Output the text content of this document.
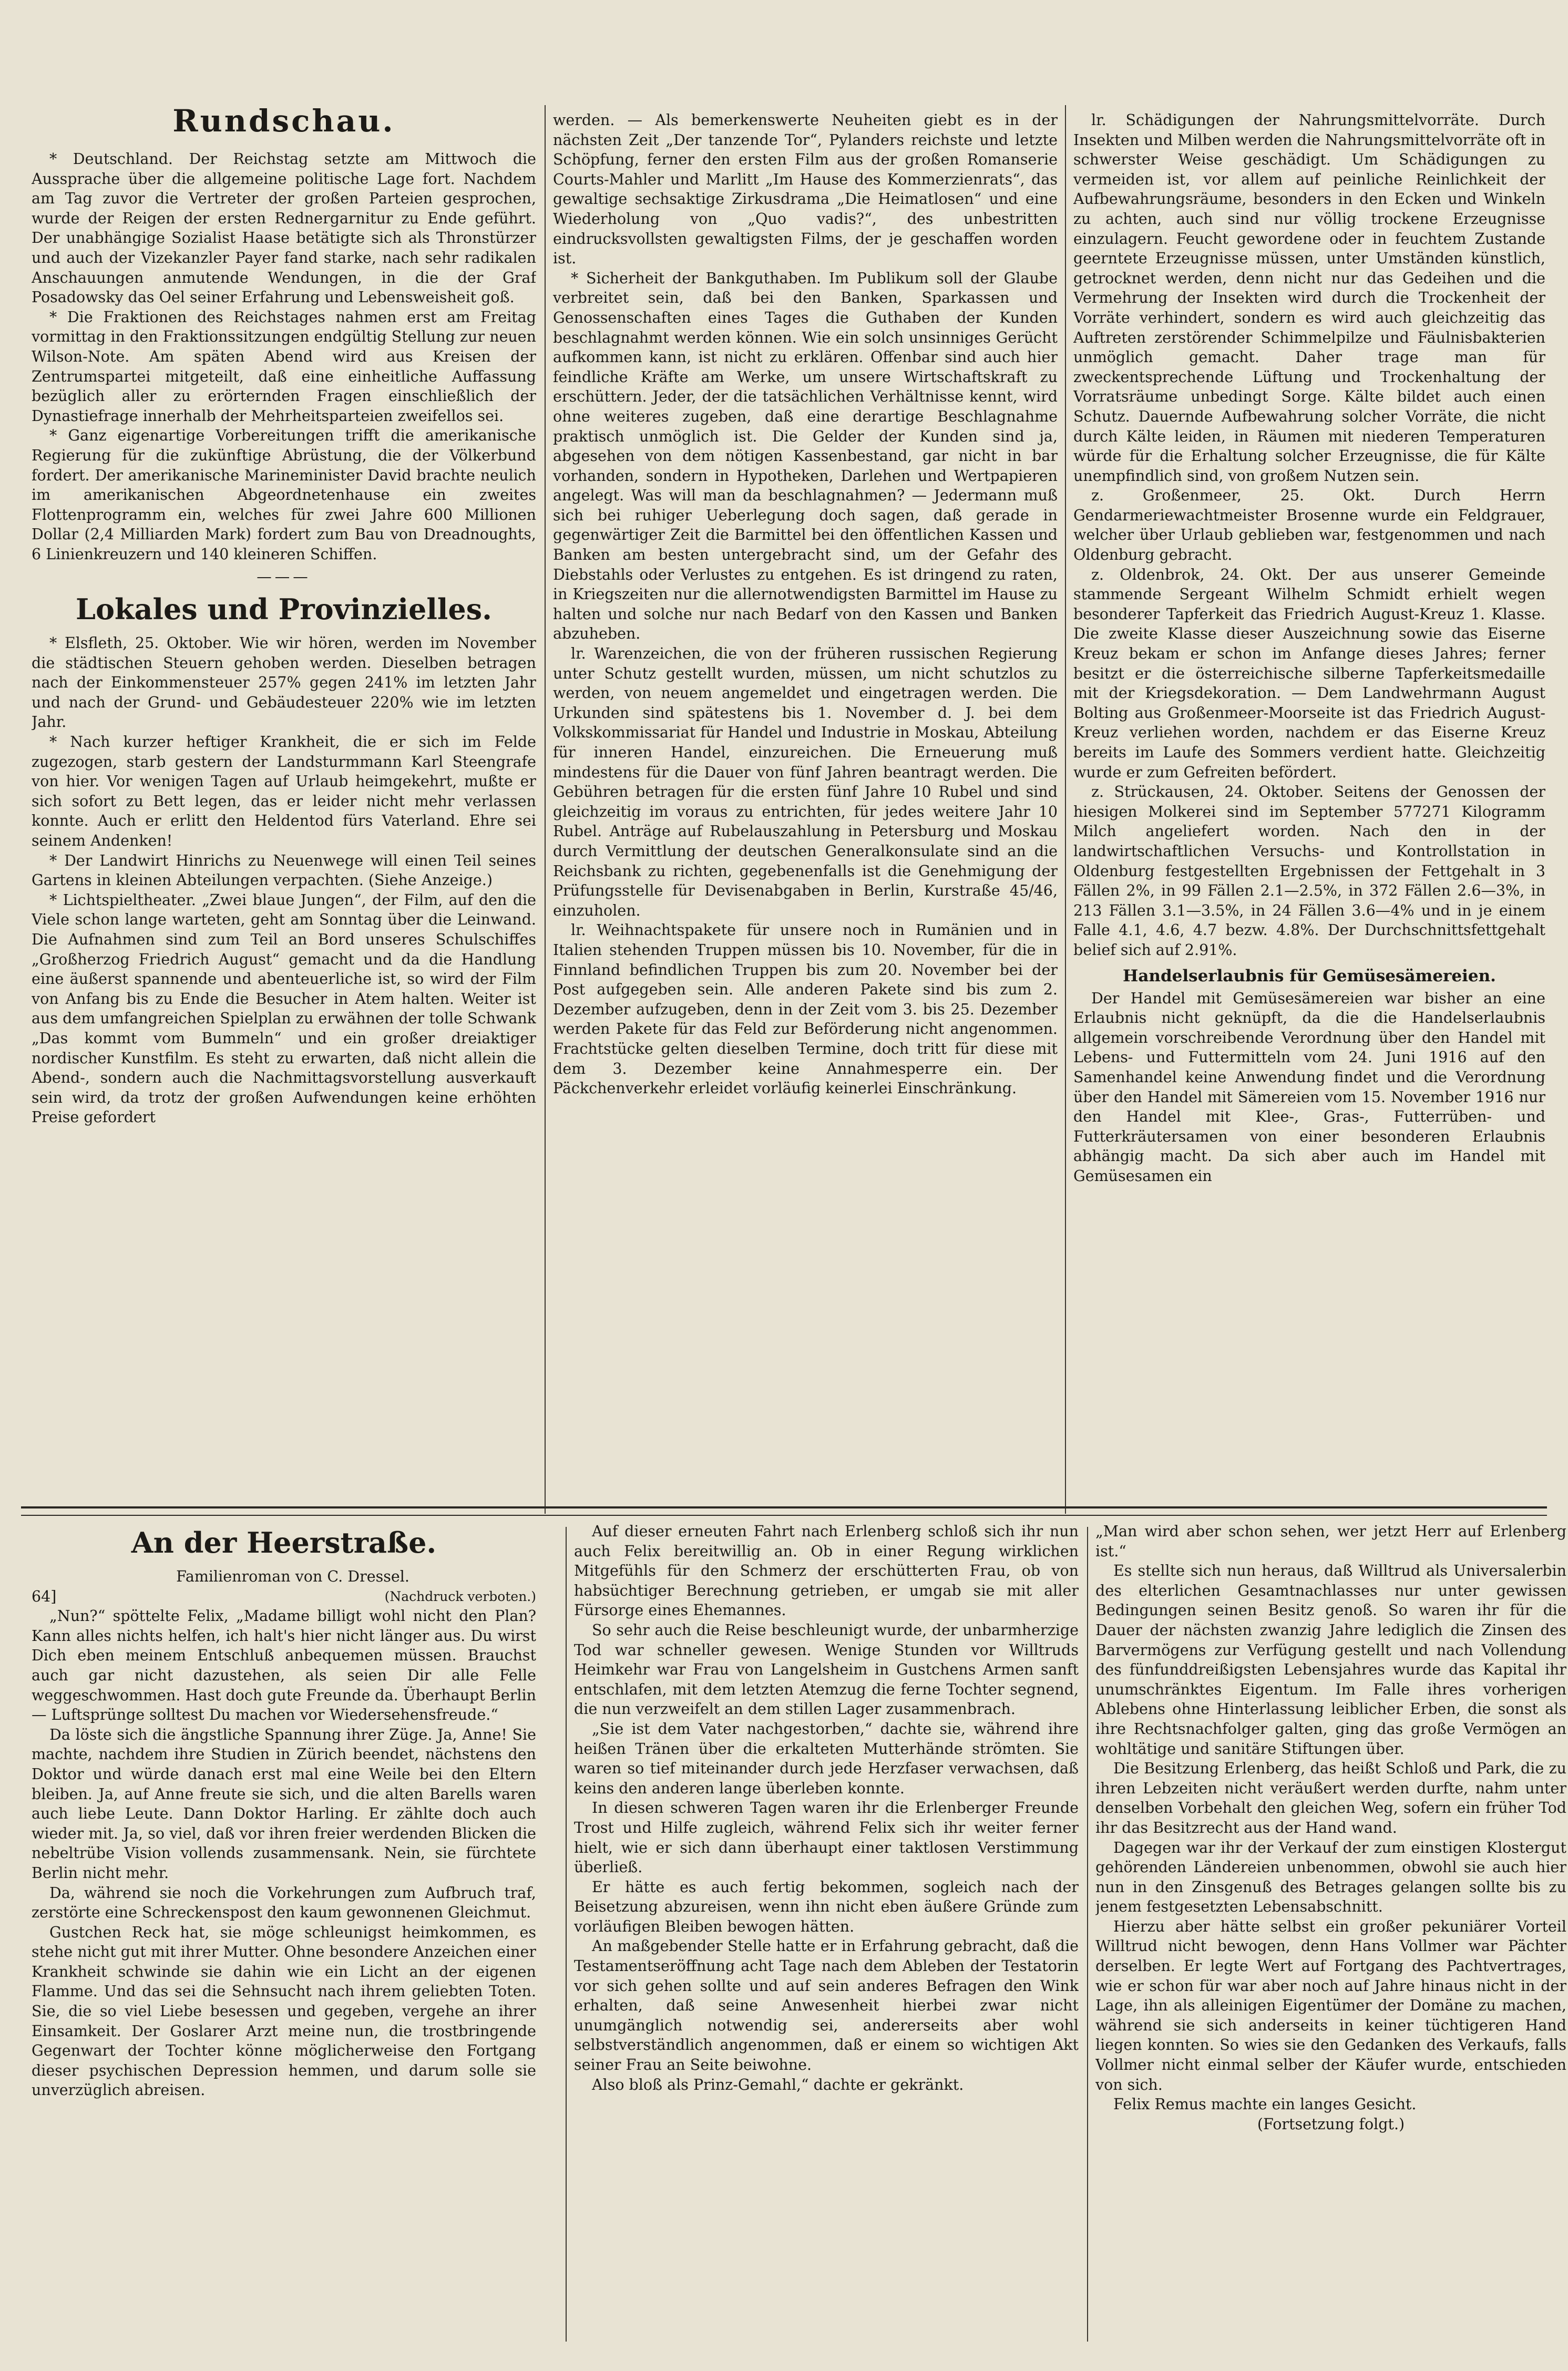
Rundschau.

* Deutschland. Der Reichstag setzte am Mittwoch die Aussprache über die allgemeine politische Lage fort. Nachdem am Tag zuvor die Vertreter der großen Parteien gesprochen, wurde der Reigen der ersten Rednergarnitur zu Ende geführt. Der unabhängige Sozialist Haase betätigte sich als Thronstürzer und auch der Vizekanzler Payer fand starke, nach sehr radikalen Anschauungen anmutende Wendungen, in die der Graf Posadowsky das Oel seiner Erfahrung und Lebensweisheit goß.

* Die Fraktionen des Reichstages nahmen erst am Freitag vormittag in den Fraktionssitzungen endgültig Stellung zur neuen Wilson-Note. Am späten Abend wird aus Kreisen der Zentrumspartei mitgeteilt, daß eine einheitliche Auffassung bezüglich aller zu erörternden Fragen einschließlich der Dynastiefrage innerhalb der Mehrheitsparteien zweifellos sei.

* Ganz eigenartige Vorbereitungen trifft die amerikanische Regierung für die zukünftige Abrüstung, die der Völkerbund fordert. Der amerikanische Marineminister David brachte neulich im amerikanischen Abgeordnetenhause ein zweites Flottenprogramm ein, welches für zwei Jahre 600 Millionen Dollar (2,4 Milliarden Mark) fordert zum Bau von Dreadnoughts, 6 Linienkreuzern und 140 kleineren Schiffen.

———
Lokales und Provinzielles.

* Elsfleth, 25. Oktober. Wie wir hören, werden im November die städtischen Steuern gehoben werden. Dieselben betragen nach der Einkommensteuer 257% gegen 241% im letzten Jahr und nach der Grund- und Gebäudesteuer 220% wie im letzten Jahr.

* Nach kurzer heftiger Krankheit, die er sich im Felde zugezogen, starb gestern der Landsturmmann Karl Steengrafe von hier. Vor wenigen Tagen auf Urlaub heimgekehrt, mußte er sich sofort zu Bett legen, das er leider nicht mehr verlassen konnte. Auch er erlitt den Heldentod fürs Vaterland. Ehre sei seinem Andenken!

* Der Landwirt Hinrichs zu Neuenwege will einen Teil seines Gartens in kleinen Abteilungen verpachten. (Siehe Anzeige.)

* Lichtspieltheater. „Zwei blaue Jungen“, der Film, auf den die Viele schon lange warteten, geht am Sonntag über die Leinwand. Die Aufnahmen sind zum Teil an Bord unseres Schulschiffes „Großherzog Friedrich August“ gemacht und da die Handlung eine äußerst spannende und abenteuerliche ist, so wird der Film von Anfang bis zu Ende die Besucher in Atem halten. Weiter ist aus dem umfangreichen Spielplan zu erwähnen der tolle Schwank „Das kommt vom Bummeln“ und ein großer dreiaktiger nordischer Kunstfilm. Es steht zu erwarten, daß nicht allein die Abend-, sondern auch die Nachmittagsvorstellung ausverkauft sein wird, da trotz der großen Aufwendungen keine erhöhten Preise gefordert

werden. — Als bemerkenswerte Neuheiten giebt es in der nächsten Zeit „Der tanzende Tor“, Pylanders reichste und letzte Schöpfung, ferner den ersten Film aus der großen Romanserie Courts-Mahler und Marlitt „Im Hause des Kommerzienrats“, das gewaltige sechsaktige Zirkusdrama „Die Heimatlosen“ und eine Wiederholung von „Quo vadis?“, des unbestritten eindrucksvollsten gewaltigsten Films, der je geschaffen worden ist.

* Sicherheit der Bankguthaben. Im Publikum soll der Glaube verbreitet sein, daß bei den Banken, Sparkassen und Genossenschaften eines Tages die Guthaben der Kunden beschlagnahmt werden können. Wie ein solch unsinniges Gerücht aufkommen kann, ist nicht zu erklären. Offenbar sind auch hier feindliche Kräfte am Werke, um unsere Wirtschaftskraft zu erschüttern. Jeder, der die tatsächlichen Verhältnisse kennt, wird ohne weiteres zugeben, daß eine derartige Beschlagnahme praktisch unmöglich ist. Die Gelder der Kunden sind ja, abgesehen von dem nötigen Kassenbestand, gar nicht in bar vorhanden, sondern in Hypotheken, Darlehen und Wertpapieren angelegt. Was will man da beschlagnahmen? — Jedermann muß sich bei ruhiger Ueberlegung doch sagen, daß gerade in gegenwärtiger Zeit die Barmittel bei den öffentlichen Kassen und Banken am besten untergebracht sind, um der Gefahr des Diebstahls oder Verlustes zu entgehen. Es ist dringend zu raten, in Kriegszeiten nur die allernotwendigsten Barmittel im Hause zu halten und solche nur nach Bedarf von den Kassen und Banken abzuheben.

lr. Warenzeichen, die von der früheren russischen Regierung unter Schutz gestellt wurden, müssen, um nicht schutzlos zu werden, von neuem angemeldet und eingetragen werden. Die Urkunden sind spätestens bis 1. November d. J. bei dem Volkskommissariat für Handel und Industrie in Moskau, Abteilung für inneren Handel, einzureichen. Die Erneuerung muß mindestens für die Dauer von fünf Jahren beantragt werden. Die Gebühren betragen für die ersten fünf Jahre 10 Rubel und sind gleichzeitig im voraus zu entrichten, für jedes weitere Jahr 10 Rubel. Anträge auf Rubelauszahlung in Petersburg und Moskau durch Vermittlung der deutschen Generalkonsulate sind an die Reichsbank zu richten, gegebenenfalls ist die Genehmigung der Prüfungsstelle für Devisenabgaben in Berlin, Kurstraße 45/46, einzuholen.

lr. Weihnachtspakete für unsere noch in Rumänien und in Italien stehenden Truppen müssen bis 10. November, für die in Finnland befindlichen Truppen bis zum 20. November bei der Post aufgegeben sein. Alle anderen Pakete sind bis zum 2. Dezember aufzugeben, denn in der Zeit vom 3. bis 25. Dezember werden Pakete für das Feld zur Beförderung nicht angenommen. Frachtstücke gelten dieselben Termine, doch tritt für diese mit dem 3. Dezember keine Annahmesperre ein. Der Päckchenverkehr erleidet vorläufig keinerlei Einschränkung.

lr. Schädigungen der Nahrungsmittelvorräte. Durch Insekten und Milben werden die Nahrungsmittelvorräte oft in schwerster Weise geschädigt. Um Schädigungen zu vermeiden ist, vor allem auf peinliche Reinlichkeit der Aufbewahrungsräume, besonders in den Ecken und Winkeln zu achten, auch sind nur völlig trockene Erzeugnisse einzulagern. Feucht gewordene oder in feuchtem Zustande geerntete Erzeugnisse müssen, unter Umständen künstlich, getrocknet werden, denn nicht nur das Gedeihen und die Vermehrung der Insekten wird durch die Trockenheit der Vorräte verhindert, sondern es wird auch gleichzeitig das Auftreten zerstörender Schimmelpilze und Fäulnisbakterien unmöglich gemacht. Daher trage man für zweckentsprechende Lüftung und Trockenhaltung der Vorratsräume unbedingt Sorge. Kälte bildet auch einen Schutz. Dauernde Aufbewahrung solcher Vorräte, die nicht durch Kälte leiden, in Räumen mit niederen Temperaturen würde für die Erhaltung solcher Erzeugnisse, die für Kälte unempfindlich sind, von großem Nutzen sein.

z. Großenmeer, 25. Okt. Durch Herrn Gendarmeriewachtmeister Brosenne wurde ein Feldgrauer, welcher über Urlaub geblieben war, festgenommen und nach Oldenburg gebracht.

z. Oldenbrok, 24. Okt. Der aus unserer Gemeinde stammende Sergeant Wilhelm Schmidt erhielt wegen besonderer Tapferkeit das Friedrich August-Kreuz 1. Klasse. Die zweite Klasse dieser Auszeichnung sowie das Eiserne Kreuz bekam er schon im Anfange dieses Jahres; ferner besitzt er die österreichische silberne Tapferkeitsmedaille mit der Kriegsdekoration. — Dem Landwehrmann August Bolting aus Großenmeer-Moorseite ist das Friedrich August-Kreuz verliehen worden, nachdem er das Eiserne Kreuz bereits im Laufe des Sommers verdient hatte. Gleichzeitig wurde er zum Gefreiten befördert.

z. Strückausen, 24. Oktober. Seitens der Genossen der hiesigen Molkerei sind im September 577271 Kilogramm Milch angeliefert worden. Nach den in der landwirtschaftlichen Versuchs- und Kontrollstation in Oldenburg festgestellten Ergebnissen der Fettgehalt in 3 Fällen 2%, in 99 Fällen 2.1—2.5%, in 372 Fällen 2.6—3%, in 213 Fällen 3.1—3.5%, in 24 Fällen 3.6—4% und in je einem Falle 4.1, 4.6, 4.7 bezw. 4.8%. Der Durchschnittsfettgehalt belief sich auf 2.91%.

Handelserlaubnis für Gemüsesämereien.

Der Handel mit Gemüsesämereien war bisher an eine Erlaubnis nicht geknüpft, da die die Handelserlaubnis allgemein vorschreibende Verordnung über den Handel mit Lebens- und Futtermitteln vom 24. Juni 1916 auf den Samenhandel keine Anwendung findet und die Verordnung über den Handel mit Sämereien vom 15. November 1916 nur den Handel mit Klee-, Gras-, Futterrüben- und Futterkräutersamen von einer besonderen Erlaubnis abhängig macht. Da sich aber auch im Handel mit Gemüsesamen ein

An der Heerstraße.

Familienroman von C. Dressel.

64]	(Nachdruck verboten.)

„Nun?“ spöttelte Felix, „Madame billigt wohl nicht den Plan? Kann alles nichts helfen, ich halt's hier nicht länger aus. Du wirst Dich eben meinem Entschluß anbequemen müssen. Brauchst auch gar nicht dazustehen, als seien Dir alle Felle weggeschwommen. Hast doch gute Freunde da. Überhaupt Berlin — Luftsprünge solltest Du machen vor Wiedersehensfreude.“

Da löste sich die ängstliche Spannung ihrer Züge. Ja, Anne! Sie machte, nachdem ihre Studien in Zürich beendet, nächstens den Doktor und würde danach erst mal eine Weile bei den Eltern bleiben. Ja, auf Anne freute sie sich, und die alten Barells waren auch liebe Leute. Dann Doktor Harling. Er zählte doch auch wieder mit. Ja, so viel, daß vor ihren freier werdenden Blicken die nebeltrübe Vision vollends zusammensank. Nein, sie fürchtete Berlin nicht mehr.

Da, während sie noch die Vorkehrungen zum Aufbruch traf, zerstörte eine Schreckenspost den kaum gewonnenen Gleichmut.

Gustchen Reck hat, sie möge schleunigst heimkommen, es stehe nicht gut mit ihrer Mutter. Ohne besondere Anzeichen einer Krankheit schwinde sie dahin wie ein Licht an der eigenen Flamme. Und das sei die Sehnsucht nach ihrem geliebten Toten. Sie, die so viel Liebe besessen und gegeben, vergehe an ihrer Einsamkeit. Der Goslarer Arzt meine nun, die trostbringende Gegenwart der Tochter könne möglicherweise den Fortgang dieser psychischen Depression hemmen, und darum solle sie unverzüglich abreisen.

Auf dieser erneuten Fahrt nach Erlenberg schloß sich ihr nun auch Felix bereitwillig an. Ob in einer Regung wirklichen Mitgefühls für den Schmerz der erschütterten Frau, ob von habsüchtiger Berechnung getrieben, er umgab sie mit aller Fürsorge eines Ehemannes.

So sehr auch die Reise beschleunigt wurde, der unbarmherzige Tod war schneller gewesen. Wenige Stunden vor Willtruds Heimkehr war Frau von Langelsheim in Gustchens Armen sanft entschlafen, mit dem letzten Atemzug die ferne Tochter segnend, die nun verzweifelt an dem stillen Lager zusammenbrach.

„Sie ist dem Vater nachgestorben,“ dachte sie, während ihre heißen Tränen über die erkalteten Mutterhände strömten. Sie waren so tief miteinander durch jede Herzfaser verwachsen, daß keins den anderen lange überleben konnte.

In diesen schweren Tagen waren ihr die Erlenberger Freunde Trost und Hilfe zugleich, während Felix sich ihr weiter ferner hielt, wie er sich dann überhaupt einer taktlosen Verstimmung überließ.

Er hätte es auch fertig bekommen, sogleich nach der Beisetzung abzureisen, wenn ihn nicht eben äußere Gründe zum vorläufigen Bleiben bewogen hätten.

An maßgebender Stelle hatte er in Erfahrung gebracht, daß die Testamentseröffnung acht Tage nach dem Ableben der Testatorin vor sich gehen sollte und auf sein anderes Befragen den Wink erhalten, daß seine Anwesenheit hierbei zwar nicht unumgänglich notwendig sei, andererseits aber wohl selbstverständlich angenommen, daß er einem so wichtigen Akt seiner Frau an Seite beiwohne.

Also bloß als Prinz-Gemahl,“ dachte er gekränkt.

„Man wird aber schon sehen, wer jetzt Herr auf Erlenberg ist.“

Es stellte sich nun heraus, daß Willtrud als Universalerbin des elterlichen Gesamtnachlasses nur unter gewissen Bedingungen seinen Besitz genoß. So waren ihr für die Dauer der nächsten zwanzig Jahre lediglich die Zinsen des Barvermögens zur Verfügung gestellt und nach Vollendung des fünfunddreißigsten Lebensjahres wurde das Kapital ihr unumschränktes Eigentum. Im Falle ihres vorherigen Ablebens ohne Hinterlassung leiblicher Erben, die sonst als ihre Rechtsnachfolger galten, ging das große Vermögen an wohltätige und sanitäre Stiftungen über.

Die Besitzung Erlenberg, das heißt Schloß und Park, die zu ihren Lebzeiten nicht veräußert werden durfte, nahm unter denselben Vorbehalt den gleichen Weg, sofern ein früher Tod ihr das Besitzrecht aus der Hand wand.

Dagegen war ihr der Verkauf der zum einstigen Klostergut gehörenden Ländereien unbenommen, obwohl sie auch hier nun in den Zinsgenuß des Betrages gelangen sollte bis zu jenem festgesetzten Lebensabschnitt.

Hierzu aber hätte selbst ein großer pekuniärer Vorteil Willtrud nicht bewogen, denn Hans Vollmer war Pächter derselben. Er legte Wert auf Fortgang des Pachtvertrages, wie er schon für war aber noch auf Jahre hinaus nicht in der Lage, ihn als alleinigen Eigentümer der Domäne zu machen, während sie sich anderseits in keiner tüchtigeren Hand liegen konnten. So wies sie den Gedanken des Verkaufs, falls Vollmer nicht einmal selber der Käufer wurde, entschieden von sich.

Felix Remus machte ein langes Gesicht.

(Fortsetzung folgt.)
